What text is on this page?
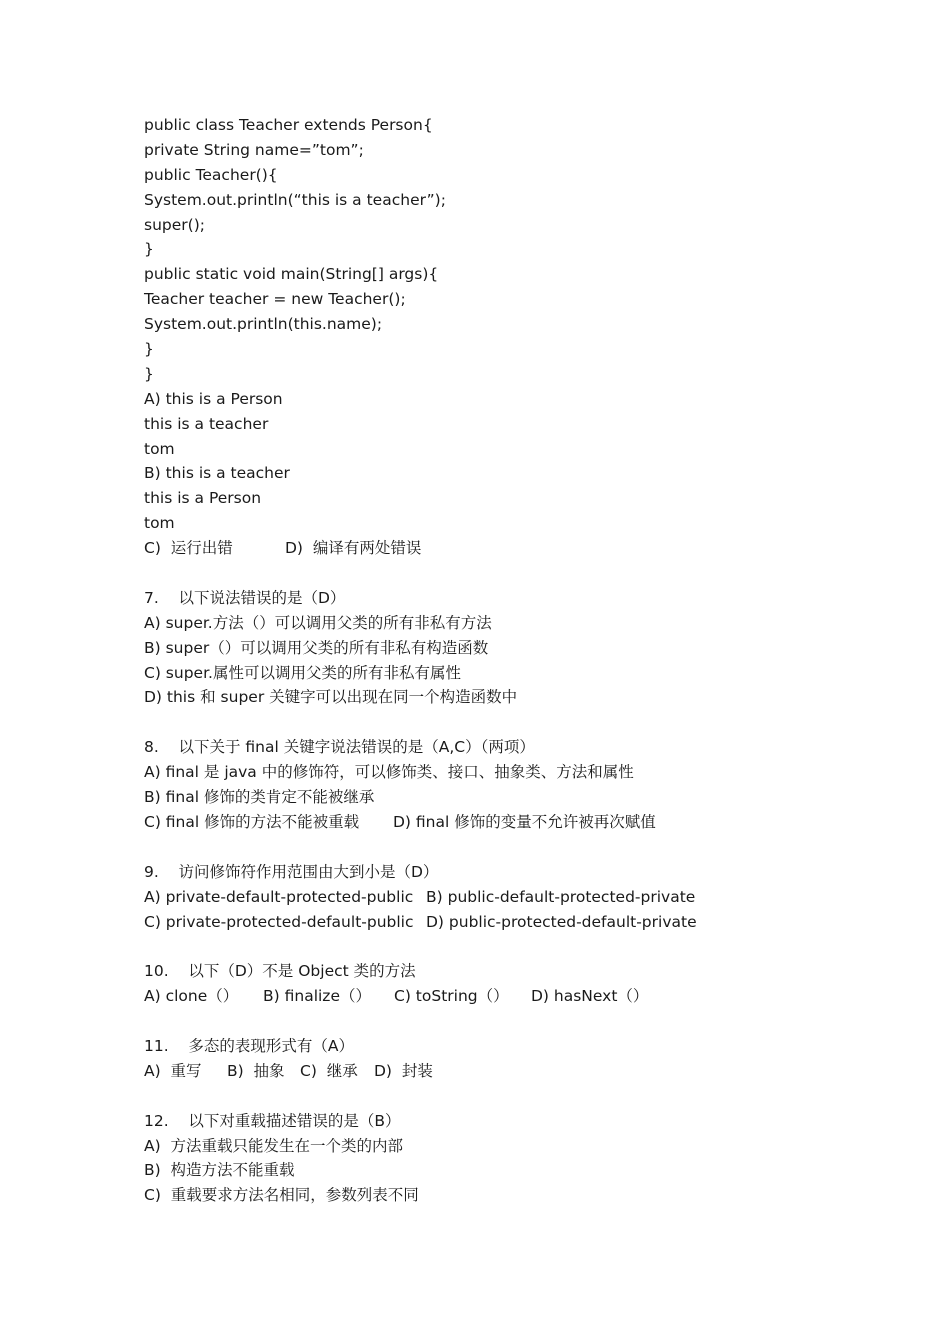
public class Teacher extends Person{
private String name=”tom”;
public Teacher(){
System.out.println(“this is a teacher”);
super();
}
public static void main(String[] args){
Teacher teacher = new Teacher();
System.out.println(this.name);
}
}
A) this is a Person
this is a teacher
tom
B) this is a teacher
this is a Person
tom
C)  运行出错	D)  编译有两处错误
7.    以下说法错误的是（D）
A) super.方法（）可以调用父类的所有非私有方法
B) super（）可以调用父类的所有非私有构造函数
C) super.属性可以调用父类的所有非私有属性
D) this 和 super 关键字可以出现在同一个构造函数中
8.    以下关于 final 关键字说法错误的是（A,C）（两项）
A) final 是 java 中的修饰符，可以修饰类、接口、抽象类、方法和属性
B) final 修饰的类肯定不能被继承
C) final 修饰的方法不能被重载	D) final 修饰的变量不允许被再次赋值
9.    访问修饰符作用范围由大到小是（D）
A) private-default-protected-public B) public-default-protected-private
C) private-protected-default-public D) public-protected-default-private
10.    以下（D）不是 Object 类的方法
A) clone（）	B) finalize（）	C) toString（）	D) hasNext（）
11.    多态的表现形式有（A）
A)  重写	B)  抽象 C)  继承	D)  封装
12.    以下对重载描述错误的是（B）
A)  方法重载只能发生在一个类的内部
B)  构造方法不能重载
C)  重载要求方法名相同，参数列表不同
